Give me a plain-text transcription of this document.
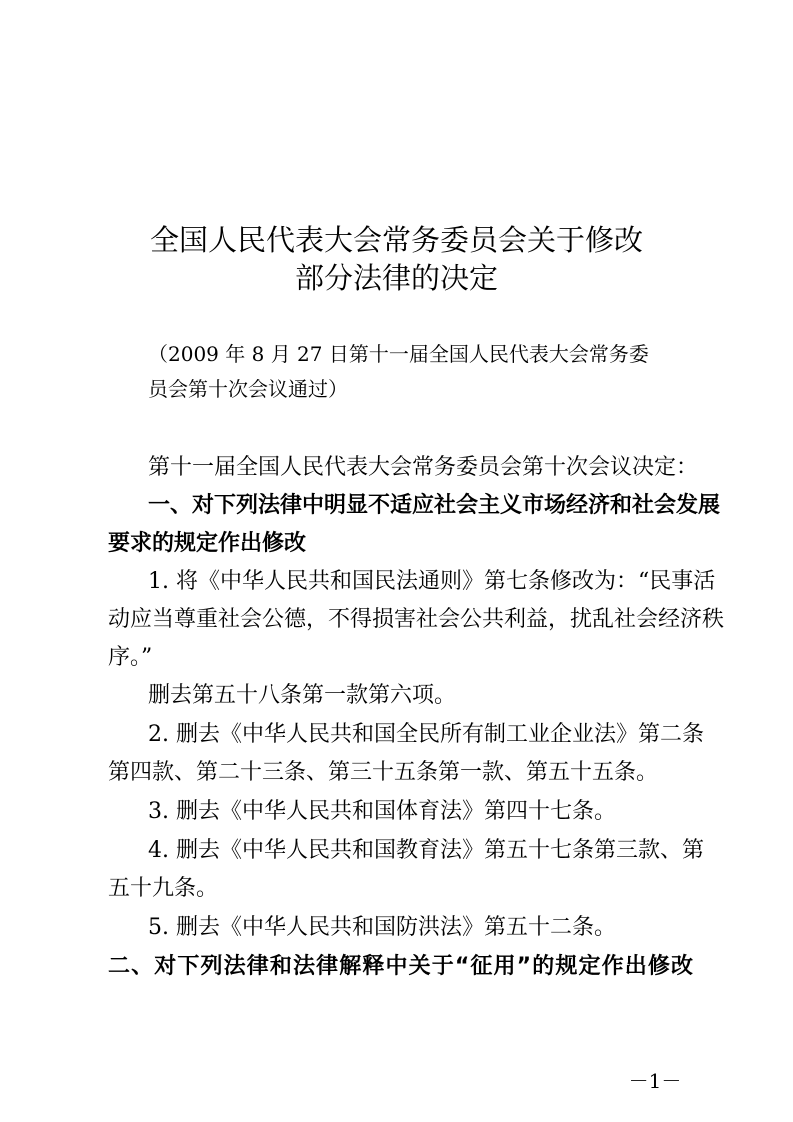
全国人民代表大会常务委员会关于修改
部分法律的决定
（2009 年 8 月 27 日第十一届全国人民代表大会常务委
员会第十次会议通过）
第十一届全国人民代表大会常务委员会第十次会议决定：
一、对下列法律中明显不适应社会主义市场经济和社会发展
要求的规定作出修改
1. 将《中华人民共和国民法通则》第七条修改为：“民事活
动应当尊重社会公德，不得损害社会公共利益，扰乱社会经济秩
序。”
删去第五十八条第一款第六项。
2. 删去《中华人民共和国全民所有制工业企业法》第二条
第四款、第二十三条、第三十五条第一款、第五十五条。
3. 删去《中华人民共和国体育法》第四十七条。
4. 删去《中华人民共和国教育法》第五十七条第三款、第
五十九条。
5. 删去《中华人民共和国防洪法》第五十二条。
二、对下列法律和法律解释中关于“征用”的规定作出修改
－1－
